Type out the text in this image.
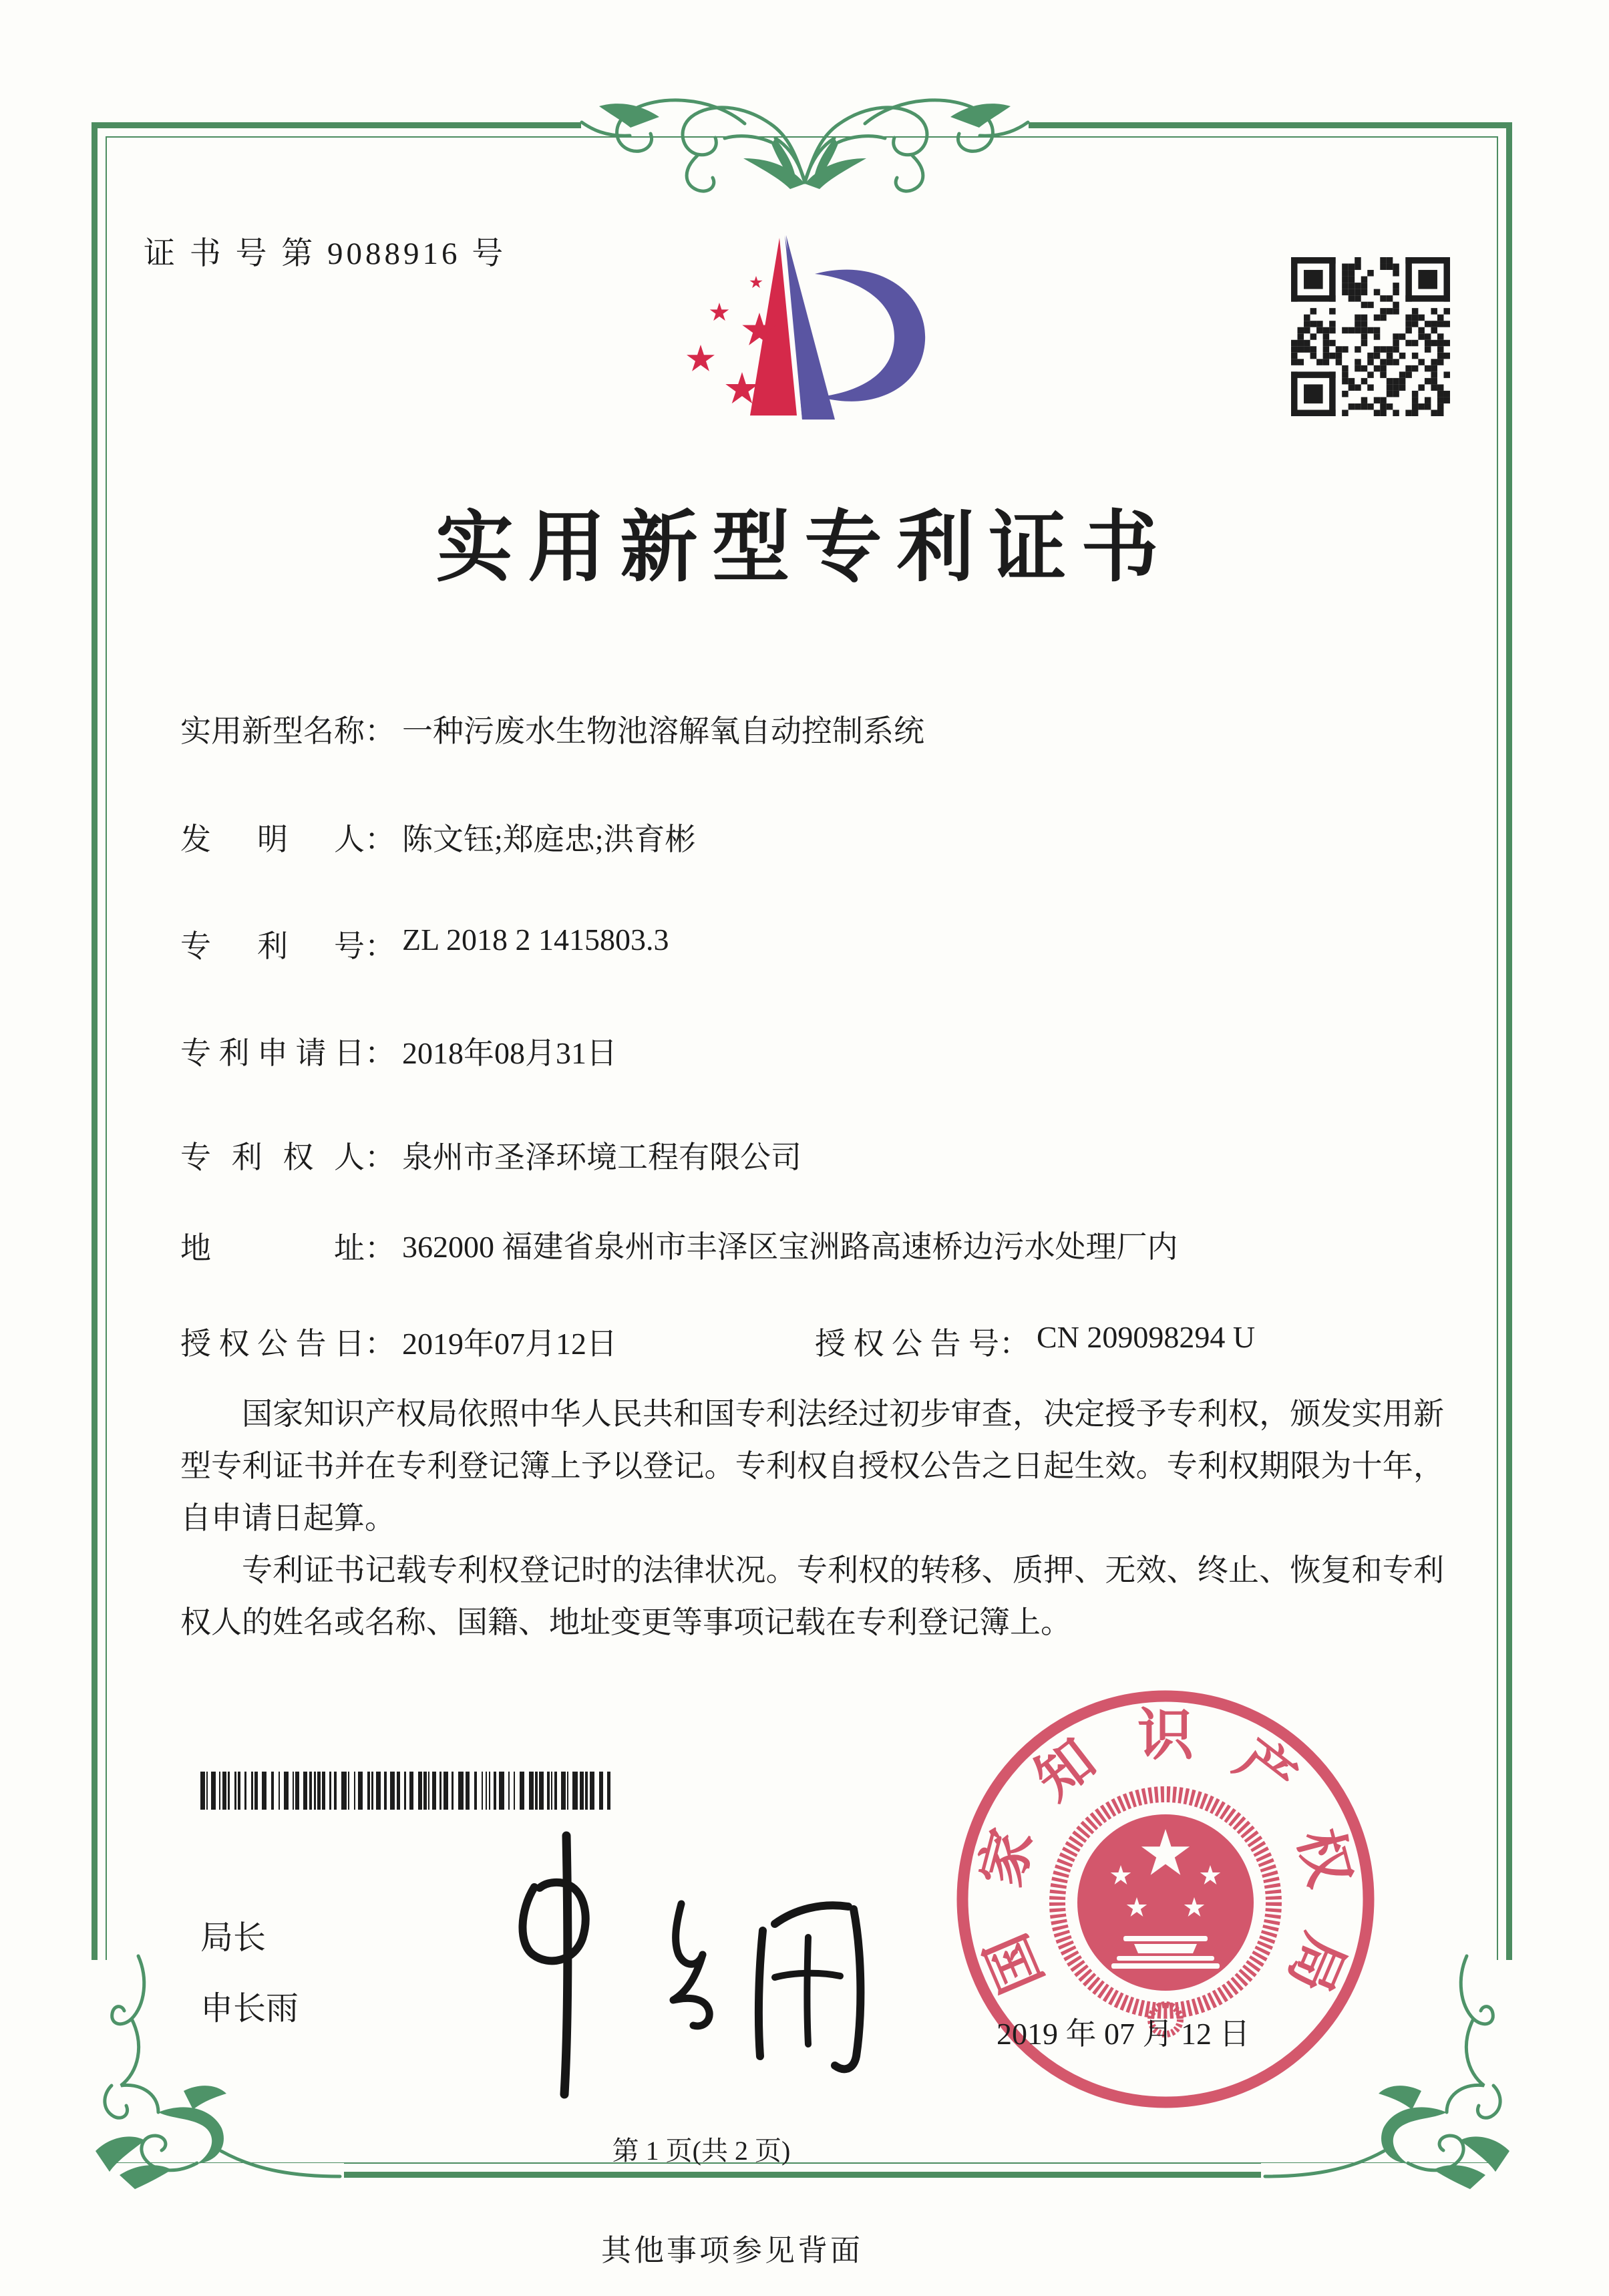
证 书 号 第 9088916 号
实用新型专利证书
实用新型名称： 一种污废水生物池溶解氧自动控制系统
发明人： 陈文钰;郑庭忠;洪育彬
专利号： ZL 2018 2 1415803.3
专利申请日： 2018年08月31日
专利权人： 泉州市圣泽环境工程有限公司
地址： 362000 福建省泉州市丰泽区宝洲路高速桥边污水处理厂内
授权公告日： 2019年07月12日	授权公告号： CN 209098294 U

国家知识产权局依照中华人民共和国专利法经过初步审查，决定授予专利权，颁发实用新型专利证书并在专利登记簿上予以登记。专利权自授权公告之日起生效。专利权期限为十年，自申请日起算。

专利证书记载专利权登记时的法律状况。专利权的转移、质押、无效、终止、恢复和专利权人的姓名或名称、国籍、地址变更等事项记载在专利登记簿上。

局长
申长雨
国
家
知 识 产
权
局
2019 年 07 月 12 日
第 1 页(共 2 页)
其他事项参见背面
